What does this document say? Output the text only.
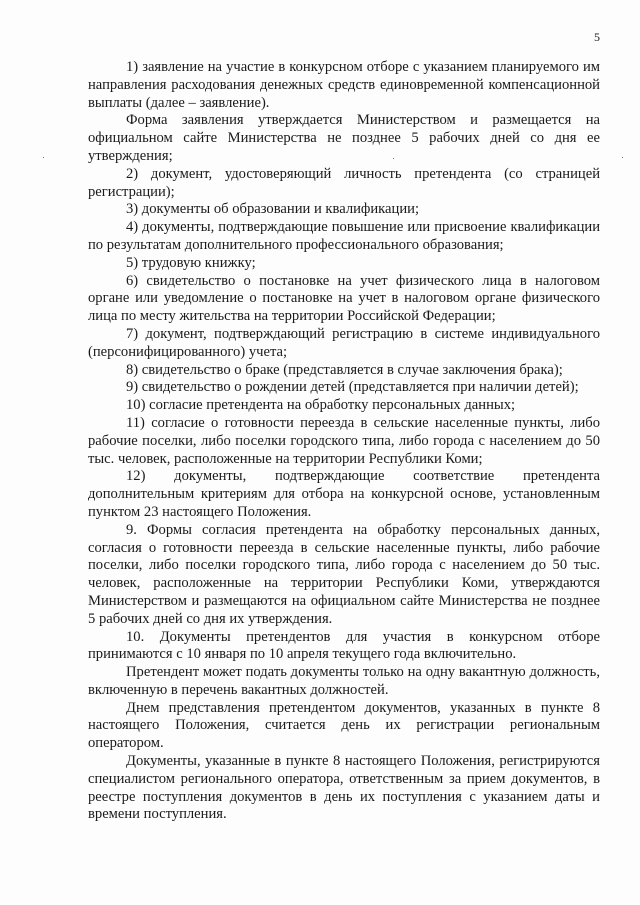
5

1) заявление на участие в конкурсном отборе с указанием планируемого им направления расходования денежных средств единовременной компенсационной выплаты (далее – заявление).

Форма заявления утверждается Министерством и размещается на официальном сайте Министерства не позднее 5 рабочих дней со дня ее утверждения;

2) документ, удостоверяющий личность претендента (со страницей регистрации);

3) документы об образовании и квалификации;

4) документы, подтверждающие повышение или присвоение квалификации по результатам дополнительного профессионального образования;

5) трудовую книжку;

6) свидетельство о постановке на учет физического лица в налоговом органе или уведомление о постановке на учет в налоговом органе физического лица по месту жительства на территории Российской Федерации;

7) документ, подтверждающий регистрацию в системе индивидуального (персонифицированного) учета;

8) свидетельство о браке (представляется в случае заключения брака);

9) свидетельство о рождении детей (представляется при наличии детей);

10) согласие претендента на обработку персональных данных;

11) согласие о готовности переезда в сельские населенные пункты, либо рабочие поселки, либо поселки городского типа, либо города с населением до 50 тыс. человек, расположенные на территории Республики Коми;

12) документы, подтверждающие соответствие претендента дополнительным критериям для отбора на конкурсной основе, установленным пунктом 23 настоящего Положения.

9. Формы согласия претендента на обработку персональных данных, согласия о готовности переезда в сельские населенные пункты, либо рабочие поселки, либо поселки городского типа, либо города с населением до 50 тыс. человек, расположенные на территории Республики Коми, утверждаются Министерством и размещаются на официальном сайте Министерства не позднее 5 рабочих дней со дня их утверждения.

10. Документы претендентов для участия в конкурсном отборе принимаются с 10 января по 10 апреля текущего года включительно.

Претендент может подать документы только на одну вакантную должность, включенную в перечень вакантных должностей.

Днем представления претендентом документов, указанных в пункте 8 настоящего Положения, считается день их регистрации региональным оператором.

Документы, указанные в пункте 8 настоящего Положения, регистрируются специалистом регионального оператора, ответственным за прием документов, в реестре поступления документов в день их поступления с указанием даты и времени поступления.
